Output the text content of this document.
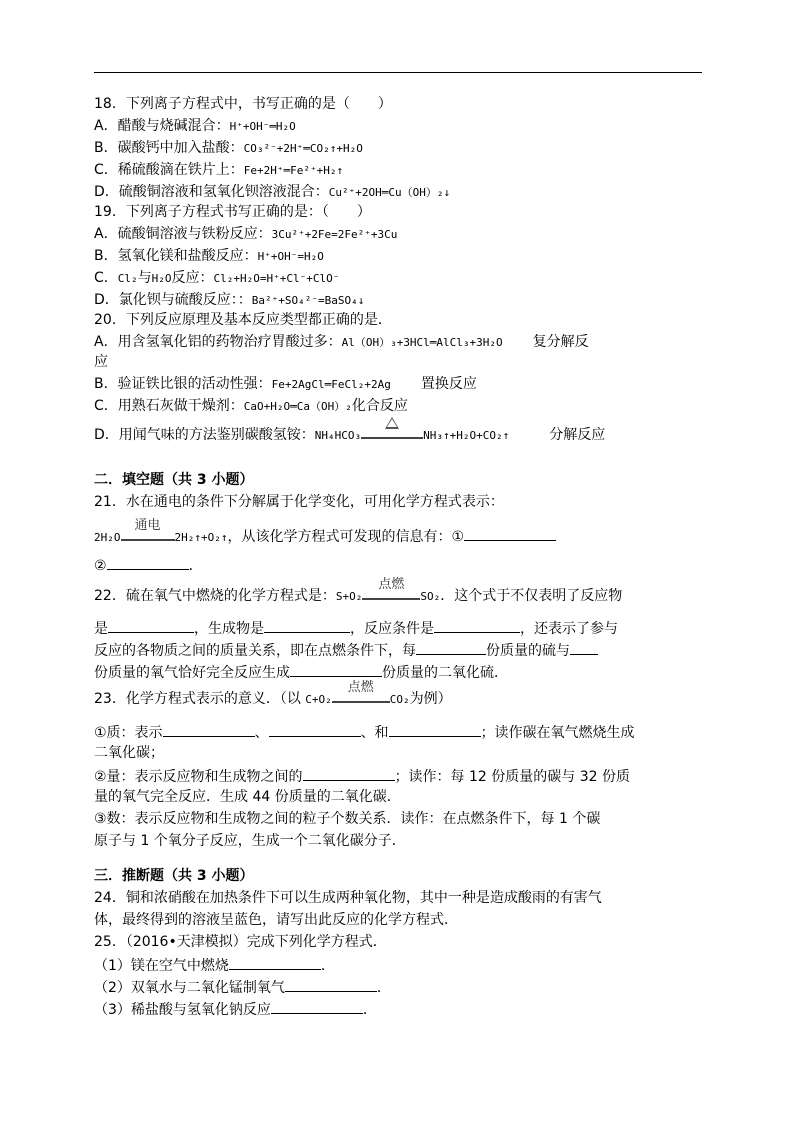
18．下列离子方程式中，书写正确的是（　　）
A．醋酸与烧碱混合：H⁺+OH⁻═H₂O
B．碳酸钙中加入盐酸：CO₃²⁻+2H⁺═CO₂↑+H₂O
C．稀硫酸滴在铁片上：Fe+2H⁺═Fe²⁺+H₂↑
D．硫酸铜溶液和氢氧化钡溶液混合：Cu²⁺+2OH═Cu（OH）₂↓
19．下列离子方程式书写正确的是：（　　）
A．硫酸铜溶液与铁粉反应：3Cu²⁺+2Fe=2Fe²⁺+3Cu
B．氢氧化镁和盐酸反应：H⁺+OH⁻=H₂O
C．Cl₂与H₂O反应：Cl₂+H₂O=H⁺+Cl⁻+ClO⁻
D．氯化钡与硫酸反应：：Ba²⁺+SO₄²⁻=BaSO₄↓
20．下列反应原理及基本反应类型都正确的是．
A．用含氢氧化铝的药物治疗胃酸过多：Al（OH）₃+3HCl═AlCl₃+3H₂O 复分解反
应
B．验证铁比银的活动性强：Fe+2AgCl═FeCl₂+2Ag 置换反应
C．用熟石灰做干燥剂：CaO+H₂O═Ca（OH）₂化合反应
D．用闻气味的方法鉴别碳酸氢铵：NH₄HCO₃	NH₃↑+H₂O+CO₂↑	分解反应
二．填空题（共 3 小题）
21．水在通电的条件下分解属于化学变化，可用化学方程式表示：
2H₂O
通电
2H₂↑+O₂↑，从该化学方程式可发现的信息有：①
②	．
22．硫在氧气中燃烧的化学方程式是：S+O₂
点燃
SO₂．这个式于不仅表明了反应物
是	，生成物是	，反应条件是	，还表示了参与
反应的各物质之间的质量关系，即在点燃条件下，每	份质量的硫与
份质量的氧气恰好完全反应生成	份质量的二氧化硫．
23．化学方程式表示的意义．（以 C+O₂
点燃
CO₂为例）
①质：表示	、	、和	；读作碳在氧气燃烧生成
二氧化碳；
②量：表示反应物和生成物之间的	；读作：每 12 份质量的碳与 32 份质
量的氧气完全反应．生成 44 份质量的二氧化碳．
③数：表示反应物和生成物之间的粒子个数关系．读作：在点燃条件下，每 1 个碳
原子与 1 个氧分子反应，生成一个二氧化碳分子．
三．推断题（共 3 小题）
24．铜和浓硝酸在加热条件下可以生成两种氧化物，其中一种是造成酸雨的有害气
体，最终得到的溶液呈蓝色，请写出此反应的化学方程式．
25．（2016•天津模拟）完成下列化学方程式．
（1）镁在空气中燃烧	．
（2）双氧水与二氧化锰制氧气	．
（3）稀盐酸与氢氧化钠反应	．
